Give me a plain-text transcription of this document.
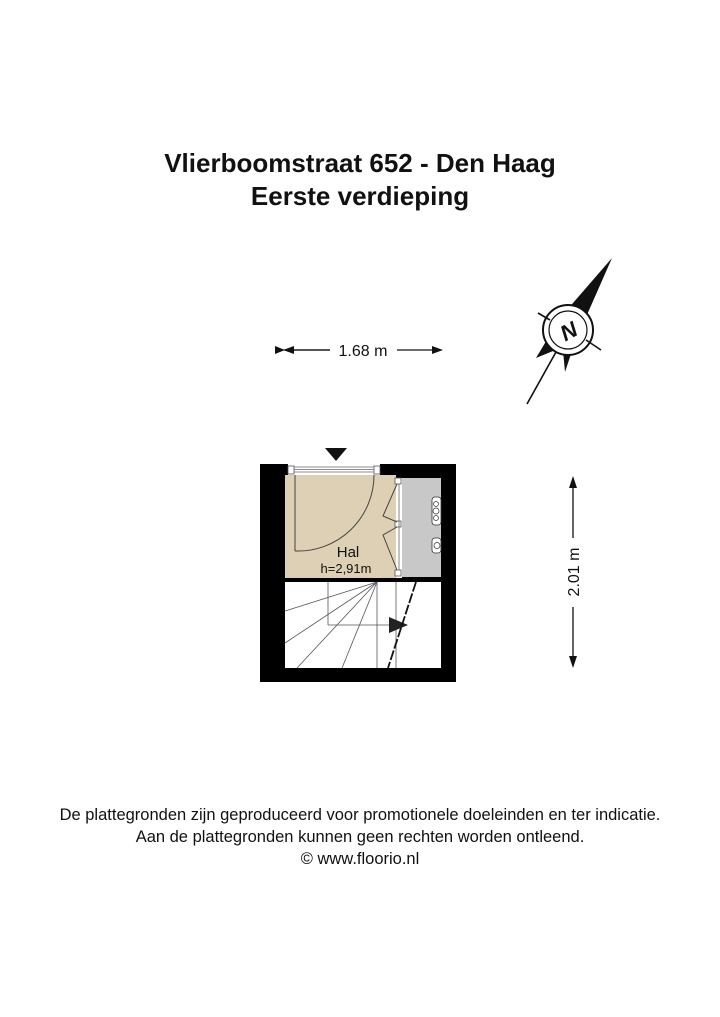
Vlierboomstraat 652 - Den Haag
Eerste verdieping
1.68 m
2.01 m
N
Hal
h=2,91m
De plattegronden zijn geproduceerd voor promotionele doeleinden en ter indicatie.
Aan de plattegronden kunnen geen rechten worden ontleend.
© www.floorio.nl
